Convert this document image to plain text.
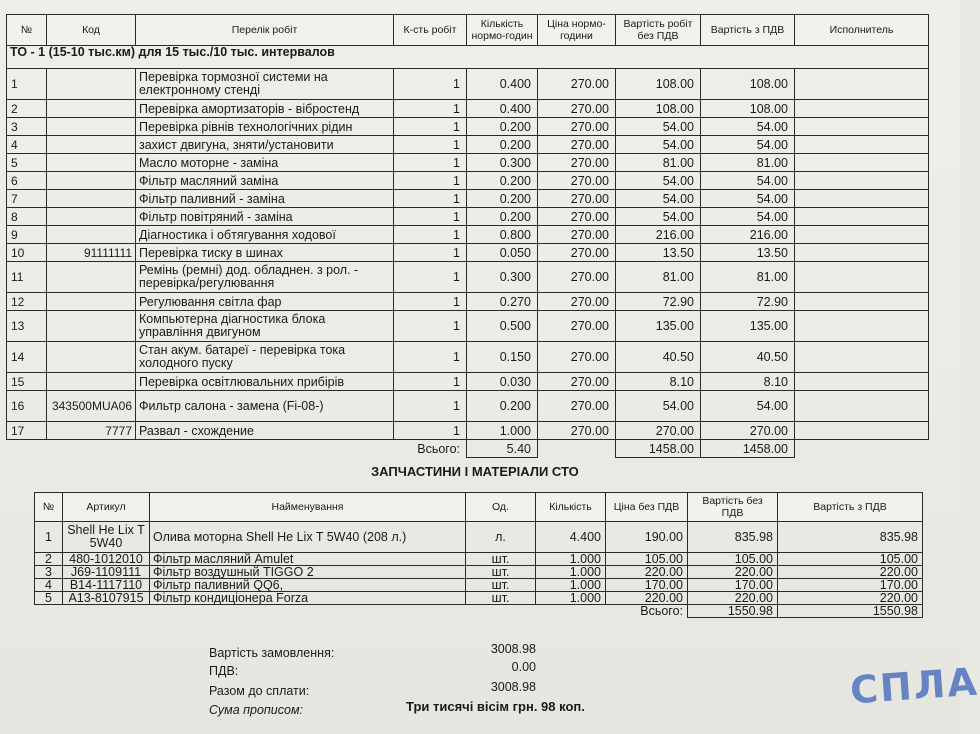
№	Код	Перелік робіт	К-сть робіт	Кількість нормо-годин	Ціна нормо-години	Вартість робіт без ПДВ	Вартість з ПДВ	Исполнитель
ТО - 1 (15-10 тыс.км) для 15 тыс./10 тыс. интервалов								
1		Перевірка тормозної системи на електронному стенді	1	0.400	270.00	108.00	108.00	
2		Перевірка амортизаторів - вібростенд	1	0.400	270.00	108.00	108.00	
3		Перевірка рівнів технологічних рідин	1	0.200	270.00	54.00	54.00	
4		захист двигуна, зняти/установити	1	0.200	270.00	54.00	54.00	
5		Масло моторне - заміна	1	0.300	270.00	81.00	81.00	
6		Фільтр масляний заміна	1	0.200	270.00	54.00	54.00	
7		Фільтр паливний - заміна	1	0.200	270.00	54.00	54.00	
8		Фільтр повітряний - заміна	1	0.200	270.00	54.00	54.00	
9		Діагностика і обтягування ходової	1	0.800	270.00	216.00	216.00	
10	91111111	Перевірка тиску в шинах	1	0.050	270.00	13.50	13.50	
11		Ремінь (ремні) дод. обладнен. з рол. - перевірка/регулювання	1	0.300	270.00	81.00	81.00	
12		Регулювання світла фар	1	0.270	270.00	72.90	72.90	
13		Компьютерна діагностика блока управління двигуном	1	0.500	270.00	135.00	135.00	
14		Стан акум. батареї - перевірка тока холодного пуску	1	0.150	270.00	40.50	40.50	
15		Перевірка освітлювальних прибірів	1	0.030	270.00	8.10	8.10	
16	343500MUA06	Фильтр салона - замена (Fi-08-)	1	0.200	270.00	54.00	54.00	
17	7777	Развал - схождение	1	1.000	270.00	270.00	270.00	
			Всього:	5.40		1458.00	1458.00	
ЗАПЧАСТИНИ І МАТЕРІАЛИ СТО
№	Артикул	Найменування	Од.	Кількість	Ціна без ПДВ	Вартість без ПДВ	Вартість з ПДВ
1	Shell He Lix T 5W40	Олива моторна Shell He Lix T 5W40 (208 л.)	л.	4.400	190.00	835.98	835.98
2	480-1012010	Фільтр масляний Amulet	шт.	1.000	105.00	105.00	105.00
3	J69-1109111	Фільтр воздушный TIGGO 2	шт.	1.000	220.00	220.00	220.00
4	B14-1117110	Фільтр паливний QQ6,	шт.	1.000	170.00	170.00	170.00
5	A13-8107915	Фільтр кондиціонера Forza	шт.	1.000	220.00	220.00	220.00
					Всього:	1550.98	1550.98
Вартість замовлення:	3008.98
ПДВ:	0.00
Разом до сплати:	3008.98
Сума прописом:	Три тисячі вісім грн. 98 коп.	СПЛА
